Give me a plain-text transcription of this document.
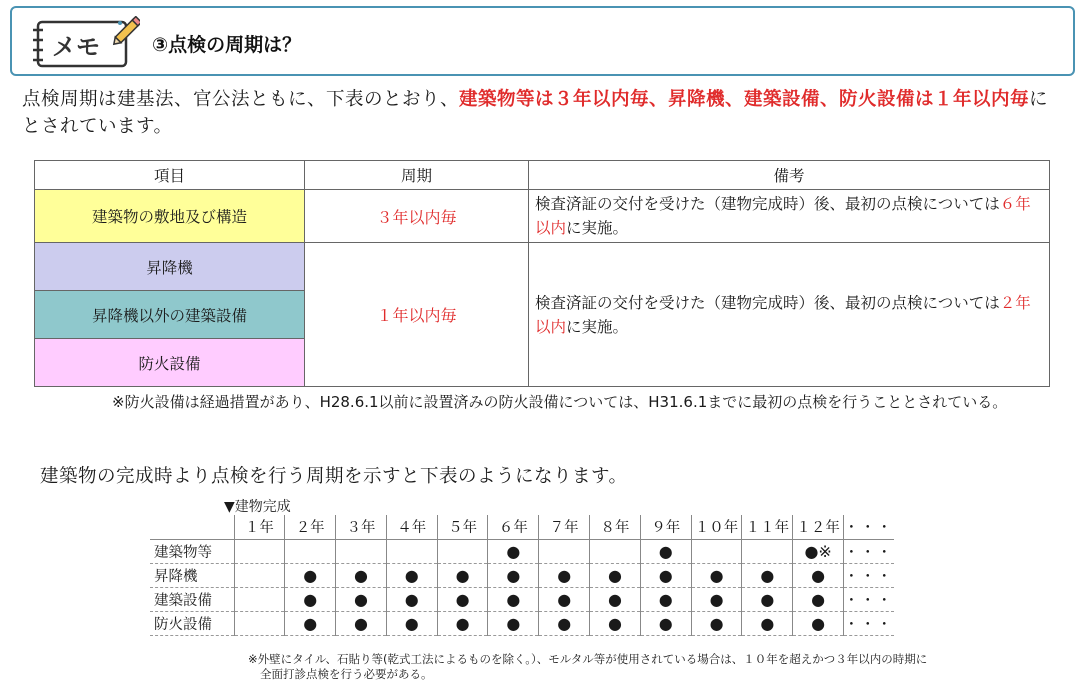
メモ	③点検の周期は？

点検周期は建基法、官公法ともに、下表のとおり、建築物等は３年以内毎、昇降機、建築設備、防火設備は１年以内毎にとされています。

項目	周期	備考
建築物の敷地及び構造	３年以内毎	検査済証の交付を受けた（建物完成時）後、最初の点検については６年以内に実施。
昇降機	１年以内毎	検査済証の交付を受けた（建物完成時）後、最初の点検については２年以内に実施。
昇降機以外の建築設備		
防火設備		

※防火設備は経過措置があり、H28.6.1以前に設置済みの防火設備については、H31.6.1までに最初の点検を行うこととされている。

建築物の完成時より点検を行う周期を示すと下表のようになります。

▼建物完成
	１年	２年	３年	４年	５年	６年	７年	８年	９年	１０年	１１年	１２年	・・・
建築物等						●			●			●※	・・・
昇降機		●	●	●	●	●	●	●	●	●	●	●	・・・
建築設備		●	●	●	●	●	●	●	●	●	●	●	・・・
防火設備		●	●	●	●	●	●	●	●	●	●	●	・・・

※外壁にタイル、石貼り等(乾式工法によるものを除く。）、モルタル等が使用されている場合は、１０年を超えかつ３年以内の時期に全面打診点検を行う必要がある。
